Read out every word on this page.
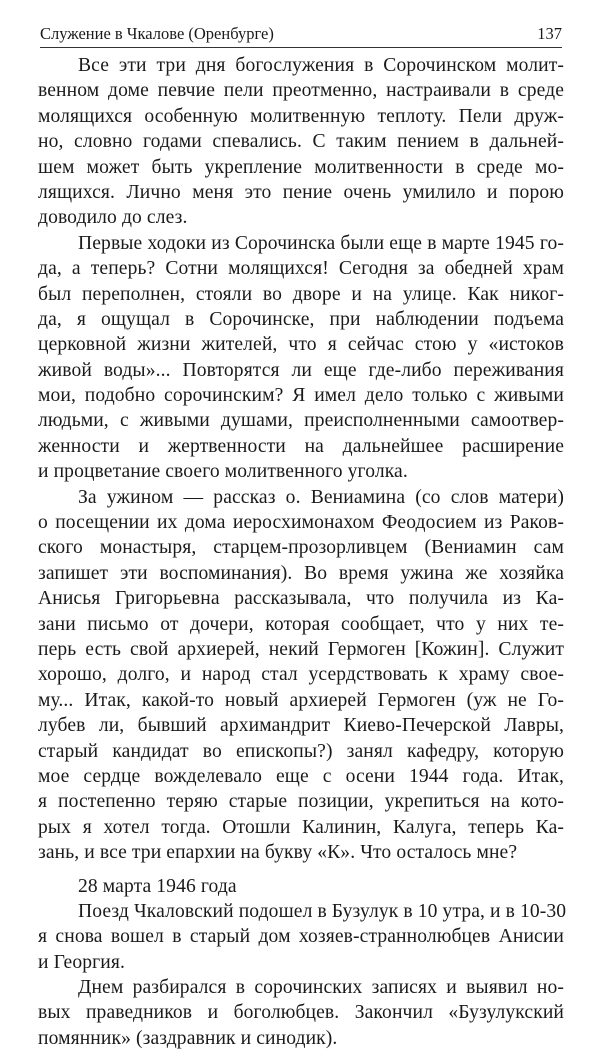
Служение в Чкалове (Оренбурге)	137
Все эти три дня богослужения в Сорочинском молит-
венном доме певчие пели преотменно, настраивали в среде
молящихся особенную молитвенную теплоту. Пели друж-
но, словно годами спевались. С таким пением в дальней-
шем может быть укрепление молитвенности в среде мо-
лящихся. Лично меня это пение очень умилило и порою
доводило до слез.
Первые ходоки из Сорочинска были еще в марте 1945 го-
да, а теперь? Сотни молящихся! Сегодня за обедней храм
был переполнен, стояли во дворе и на улице. Как никог-
да, я ощущал в Сорочинске, при наблюдении подъема
церковной жизни жителей, что я сейчас стою у «истоков
живой воды»... Повторятся ли еще где-либо переживания
мои, подобно сорочинским? Я имел дело только с живыми
людьми, с живыми душами, преисполненными самоотвер-
женности и жертвенности на дальнейшее расширение
и процветание своего молитвенного уголка.
За ужином — рассказ о. Вениамина (со слов матери)
о посещении их дома иеросхимонахом Феодосием из Раков-
ского монастыря, старцем-прозорливцем (Вениамин сам
запишет эти воспоминания). Во время ужина же хозяйка
Анисья Григорьевна рассказывала, что получила из Ка-
зани письмо от дочери, которая сообщает, что у них те-
перь есть свой архиерей, некий Гермоген [Кожин]. Служит
хорошо, долго, и народ стал усердствовать к храму свое-
му... Итак, какой-то новый архиерей Гермоген (уж не Го-
лубев ли, бывший архимандрит Киево-Печерской Лавры,
старый кандидат во епископы?) занял кафедру, которую
мое сердце вожделевало еще с осени 1944 года. Итак,
я постепенно теряю старые позиции, укрепиться на кото-
рых я хотел тогда. Отошли Калинин, Калуга, теперь Ка-
зань, и все три епархии на букву «К». Что осталось мне?
28 марта 1946 года
Поезд Чкаловский подошел в Бузулук в 10 утра, и в 10-30
я снова вошел в старый дом хозяев-страннолюбцев Анисии
и Георгия.
Днем разбирался в сорочинских записях и выявил но-
вых праведников и боголюбцев. Закончил «Бузулукский
помянник» (заздравник и синодик).
